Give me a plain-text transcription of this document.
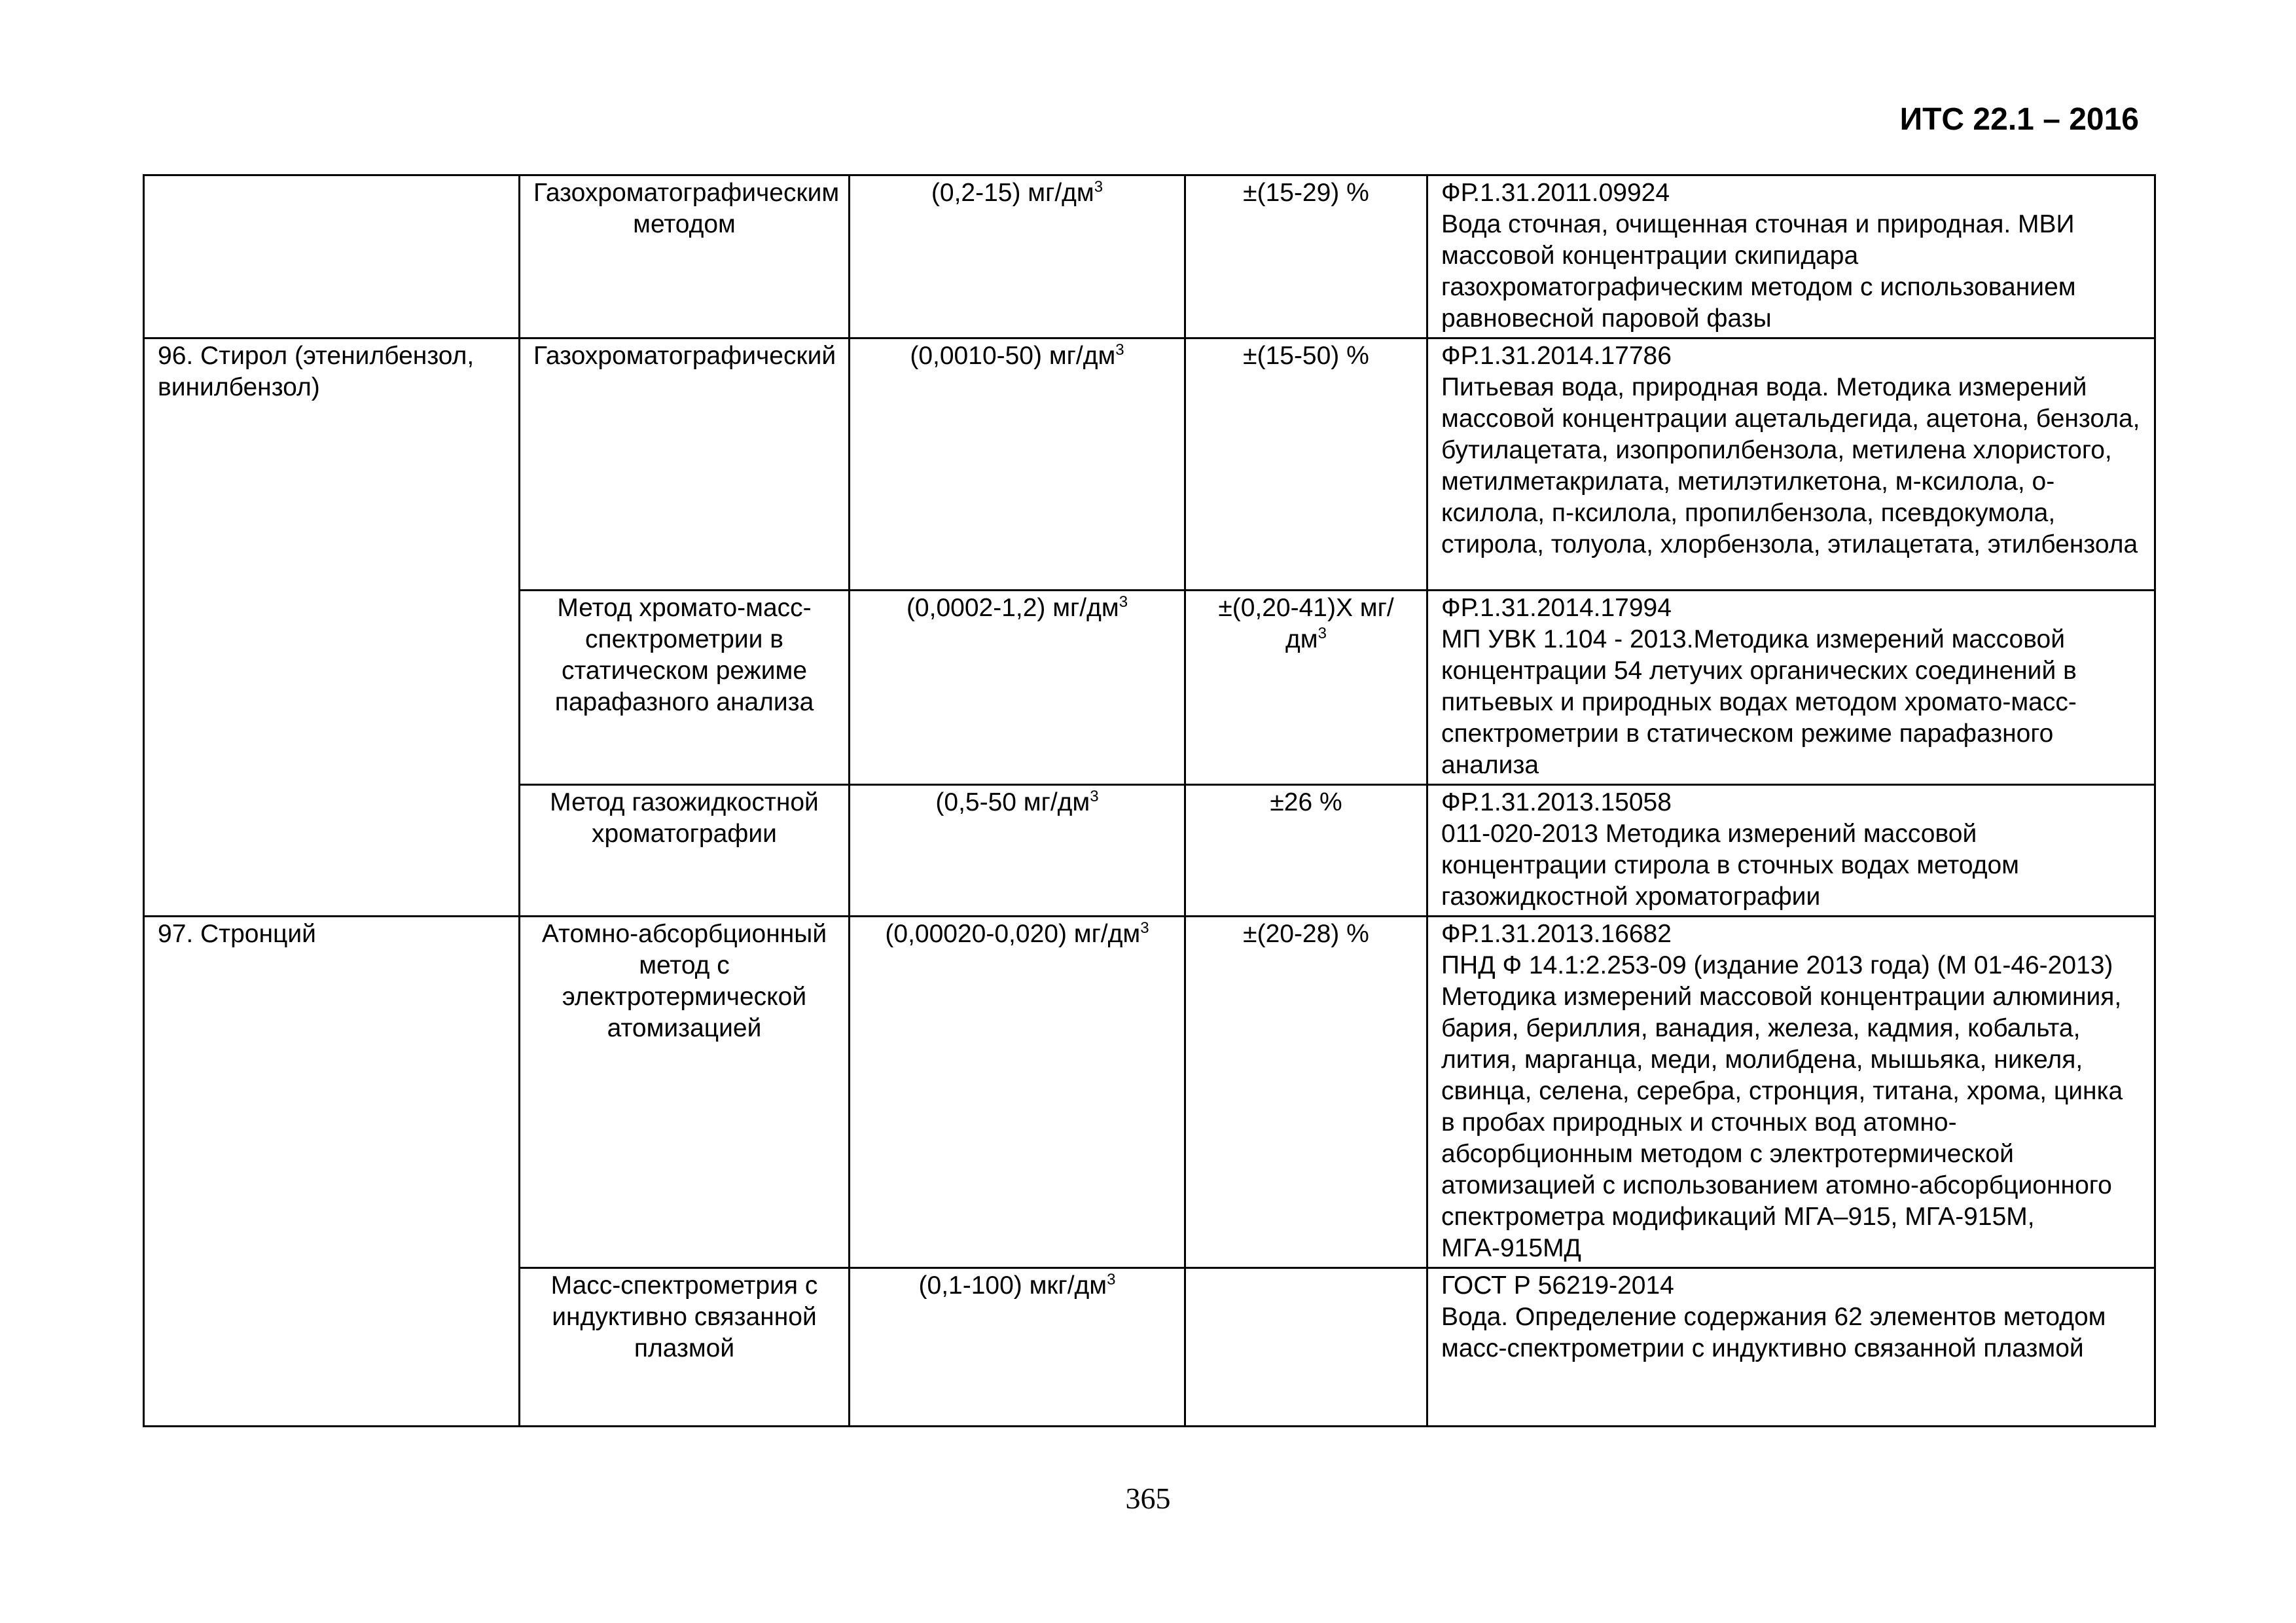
ИТС 22.1 – 2016
	Газохроматографическим методом	(0,2-15) $мг/дм^3$	±(15-29) %	ФР.1.31.2011.09924
Вода сточная, очищенная сточная и природная. МВИ массовой концентрации скипидара газохроматографическим методом с использованием равновесной паровой фазы

96. Стирол (этенилбензол, винилбензол)	Газохроматографический	(0,0010-50) $мг/дм^3$	±(15-50) %	ФР.1.31.2014.17786
Питьевая вода, природная вода. Методика измерений массовой концентрации ацетальдегида, ацетона, бензола, бутилацетата, изопропилбензола, метилена хлористого, метилметакрилата, метилэтилкетона, м-ксилола, о-ксилола, п-ксилола, пропилбензола, псевдокумола, стирола, толуола, хлорбензола, этилацетата, этилбензола

	Метод хромато-масс-спектрометрии в статическом режиме парафазного анализа	(0,0002-1,2) $мг/дм^3$	±(0,20-41)Х $мг/дм^3$	ФР.1.31.2014.17994
МП УВК 1.104 - 2013.Методика измерений массовой концентрации 54 летучих органических соединений в питьевых и природных водах методом хромато-масс-спектрометрии в статическом режиме парафазного анализа

	Метод газожидкостной хроматографии	(0,5-50 $мг/дм^3$	±26 %	ФР.1.31.2013.15058
011-020-2013 Методика измерений массовой концентрации стирола в сточных водах методом газожидкостной хроматографии

97. Стронций	Атомно-абсорбционный метод с электротермической атомизацией	(0,00020-0,020) $мг/дм^3$	±(20-28) %	ФР.1.31.2013.16682
ПНД Ф 14.1:2.253-09 (издание 2013 года) (М 01-46-2013) Методика измерений массовой концентрации алюминия, бария, бериллия, ванадия, железа, кадмия, кобальта, лития, марганца, меди, молибдена, мышьяка, никеля, свинца, селена, серебра, стронция, титана, хрома, цинка в пробах природных и сточных вод атомно-абсорбционным методом с электротермической атомизацией с использованием атомно-абсорбционного спектрометра модификаций МГА–915, МГА-915М, МГА-915МД

	Масс-спектрометрия с индуктивно связанной плазмой	(0,1-100) мкг/$дм^3$		ГОСТ Р 56219-2014
Вода. Определение содержания 62 элементов методом масс-спектрометрии с индуктивно связанной плазмой
365
